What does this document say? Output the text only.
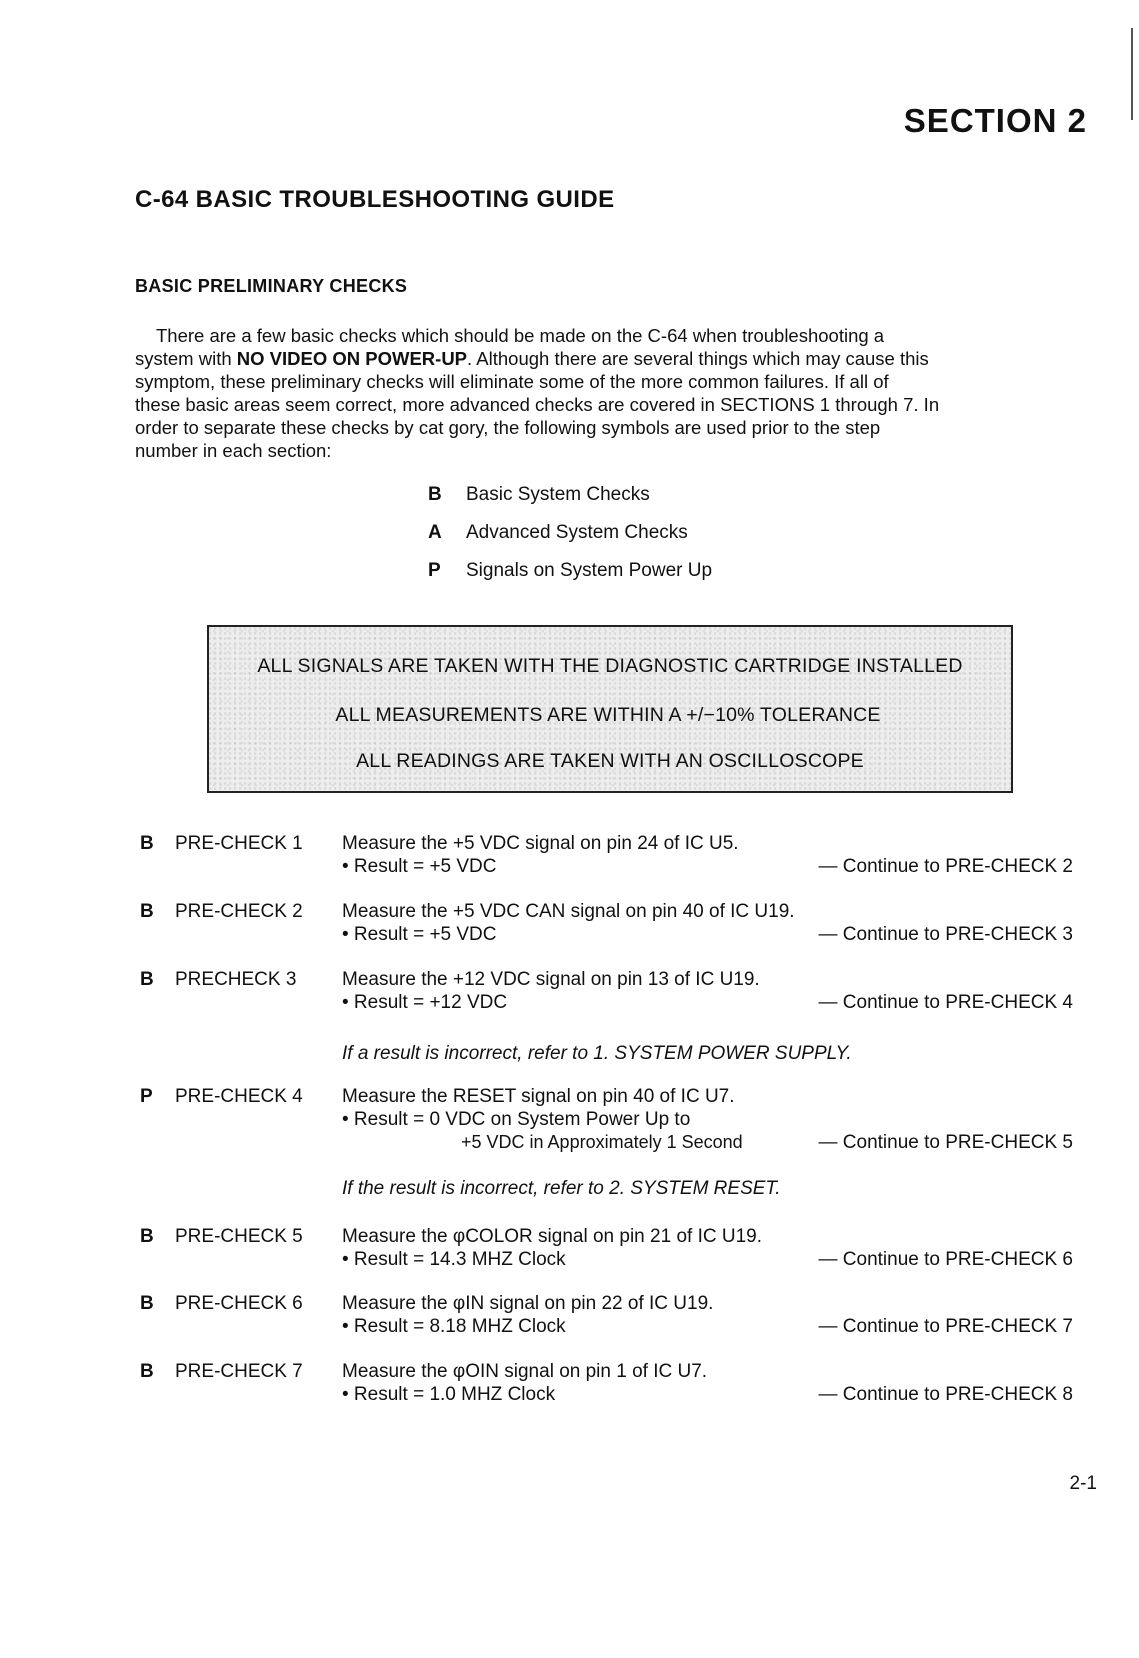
SECTION 2
C-64 BASIC TROUBLESHOOTING GUIDE
BASIC PRELIMINARY CHECKS
There are a few basic checks which should be made on the C-64 when troubleshooting a
system with NO VIDEO ON POWER-UP. Although there are several things which may cause this
symptom, these preliminary checks will eliminate some of the more common failures. If all of
these basic areas seem correct, more advanced checks are covered in SECTIONS 1 through 7. In
order to separate these checks by cat gory, the following symbols are used prior to the step
number in each section:
B	Basic System Checks
A	Advanced System Checks
P	Signals on System Power Up
ALL SIGNALS ARE TAKEN WITH THE DIAGNOSTIC CARTRIDGE INSTALLED
ALL MEASUREMENTS ARE WITHIN A +/−10% TOLERANCE
ALL READINGS ARE TAKEN WITH AN OSCILLOSCOPE
B PRE-CHECK 1 Measure the +5 VDC signal on pin 24 of IC U5.
• Result = +5 VDC	— Continue to PRE-CHECK 2
B PRE-CHECK 2 Measure the +5 VDC CAN signal on pin 40 of IC U19.
• Result = +5 VDC	— Continue to PRE-CHECK 3
B PRECHECK 3 Measure the +12 VDC signal on pin 13 of IC U19.
• Result = +12 VDC	— Continue to PRE-CHECK 4
If a result is incorrect, refer to 1. SYSTEM POWER SUPPLY.
P PRE-CHECK 4 Measure the RESET signal on pin 40 of IC U7.
• Result = 0 VDC on System Power Up to
+5 VDC in Approximately 1 Second	— Continue to PRE-CHECK 5
If the result is incorrect, refer to 2. SYSTEM RESET.
B PRE-CHECK 5 Measure the φCOLOR signal on pin 21 of IC U19.
• Result = 14.3 MHZ Clock	— Continue to PRE-CHECK 6
B PRE-CHECK 6 Measure the φIN signal on pin 22 of IC U19.
• Result = 8.18 MHZ Clock	— Continue to PRE-CHECK 7
B PRE-CHECK 7 Measure the φOIN signal on pin 1 of IC U7.
• Result = 1.0 MHZ Clock	— Continue to PRE-CHECK 8
2-1
